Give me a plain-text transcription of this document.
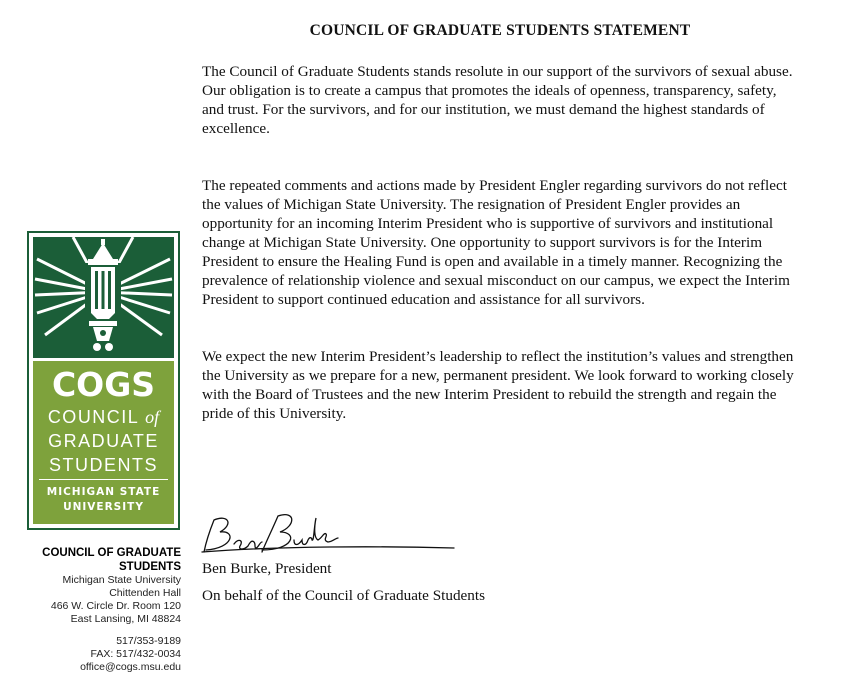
COUNCIL OF GRADUATE STUDENTS STATEMENT

The Council of Graduate Students stands resolute in our support of the survivors of sexual abuse. Our obligation is to create a campus that promotes the ideals of openness, transparency, safety, and trust. For the survivors, and for our institution, we must demand the highest standards of excellence.

The repeated comments and actions made by President Engler regarding survivors do not reflect the values of Michigan State University. The resignation of President Engler provides an opportunity for an incoming Interim President who is supportive of survivors and institutional change at Michigan State University. One opportunity to support survivors is for the Interim President to ensure the Healing Fund is open and available in a timely manner. Recognizing the prevalence of relationship violence and sexual misconduct on our campus, we expect the Interim President to support continued education and assistance for all survivors.

We expect the new Interim President’s leadership to reflect the institution’s values and strengthen the University as we prepare for a new, permanent president. We look forward to working closely with the Board of Trustees and the new Interim President to rebuild the strength and regain the pride of this University.

COGS
COUNCIL of
GRADUATE
STUDENTS
MICHIGAN STATE
UNIVERSITY
COUNCIL OF GRADUATE
STUDENTS
Michigan State University
Chittenden Hall
466 W. Circle Dr. Room 120
East Lansing, MI 48824
517/353-9189
FAX: 517/432-0034
office@cogs.msu.edu
Ben Burke, President
On behalf of the Council of Graduate Students
